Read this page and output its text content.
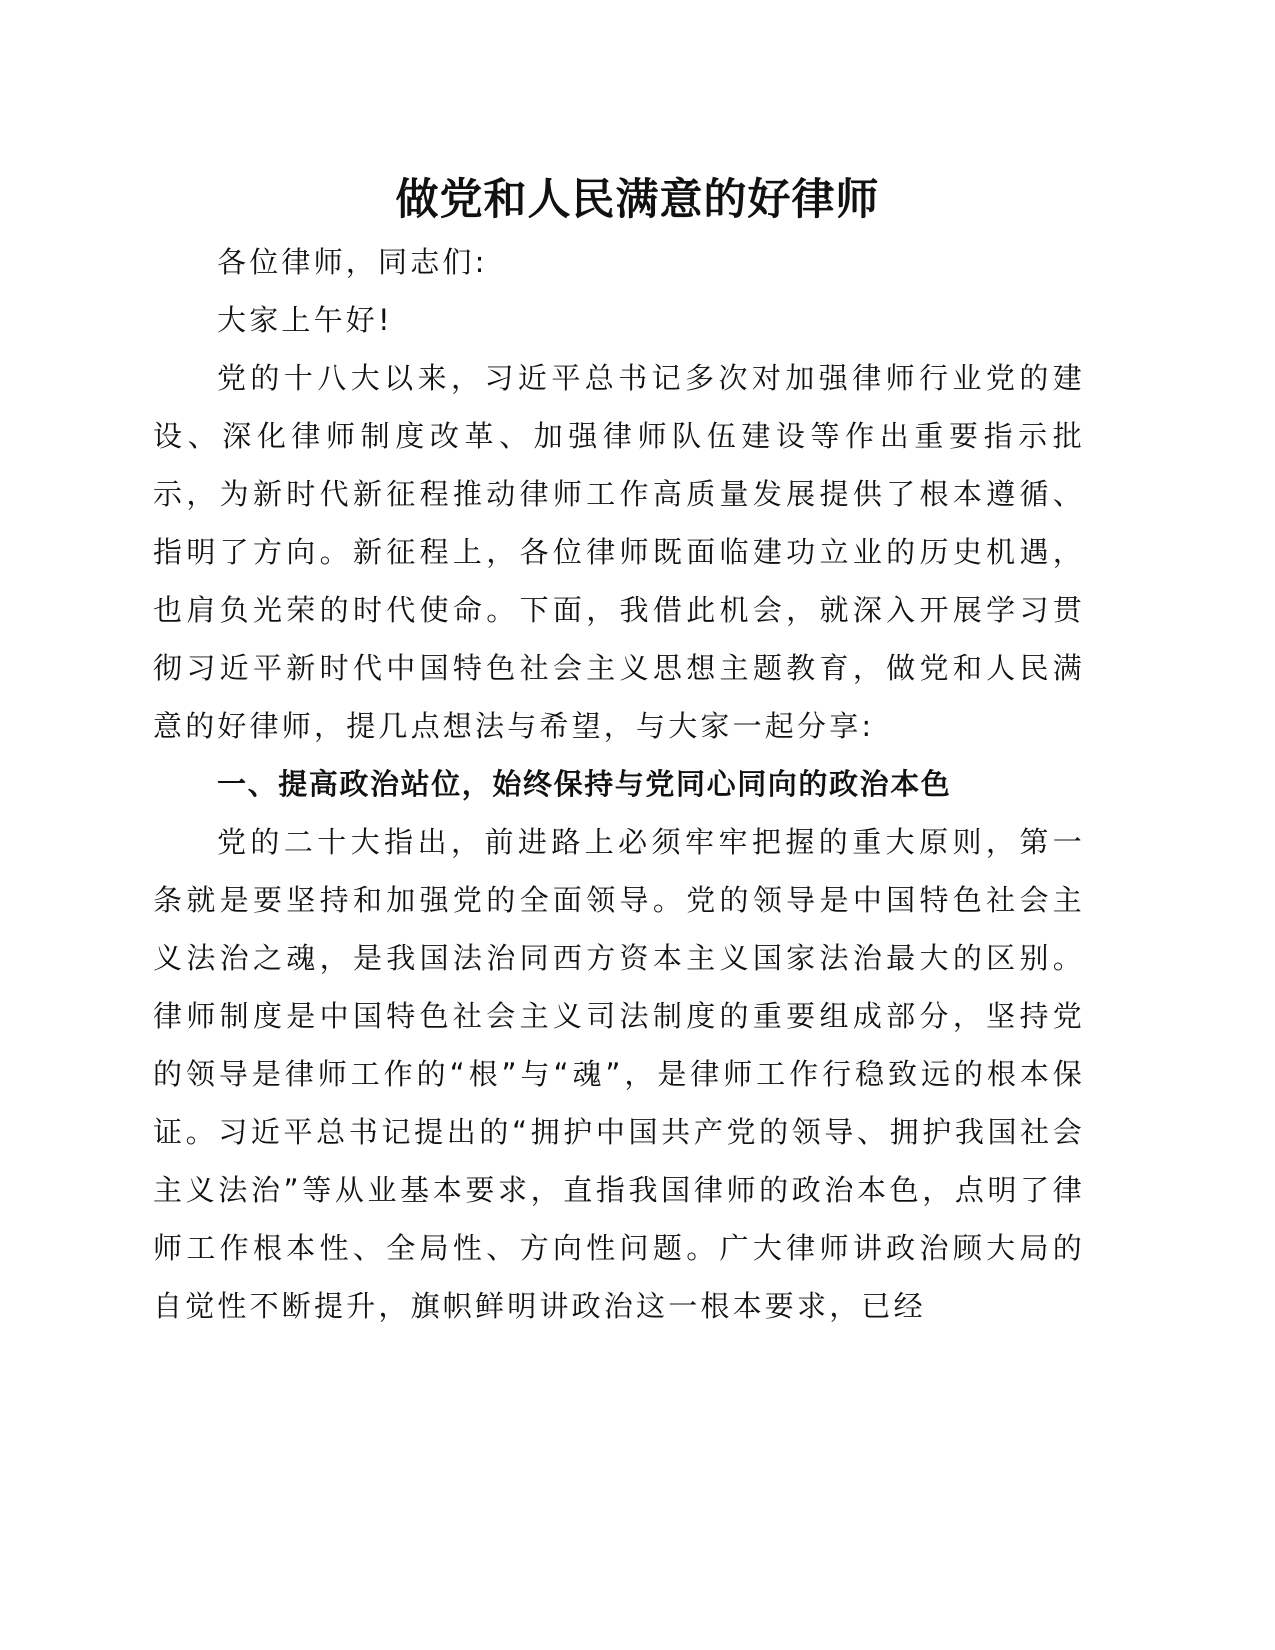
做党和人民满意的好律师

各位律师，同志们:

大家上午好!

党的十八大以来，习近平总书记多次对加强律师行业党的建设、深化律师制度改革、加强律师队伍建设等作出重要指示批示，为新时代新征程推动律师工作高质量发展提供了根本遵循、指明了方向。新征程上，各位律师既面临建功立业的历史机遇，也肩负光荣的时代使命。下面，我借此机会，就深入开展学习贯彻习近平新时代中国特色社会主义思想主题教育，做党和人民满意的好律师，提几点想法与希望，与大家一起分享:

一、提高政治站位，始终保持与党同心同向的政治本色

党的二十大指出，前进路上必须牢牢把握的重大原则，第一条就是要坚持和加强党的全面领导。党的领导是中国特色社会主义法治之魂，是我国法治同西方资本主义国家法治最大的区别。律师制度是中国特色社会主义司法制度的重要组成部分，坚持党的领导是律师工作的“根”与“魂”，是律师工作行稳致远的根本保证。习近平总书记提出的“拥护中国共产党的领导、拥护我国社会主义法治”等从业基本要求，直指我国律师的政治本色，点明了律师工作根本性、全局性、方向性问题。广大律师讲政治顾大局的自觉性不断提升，旗帜鲜明讲政治这一根本要求，已经
